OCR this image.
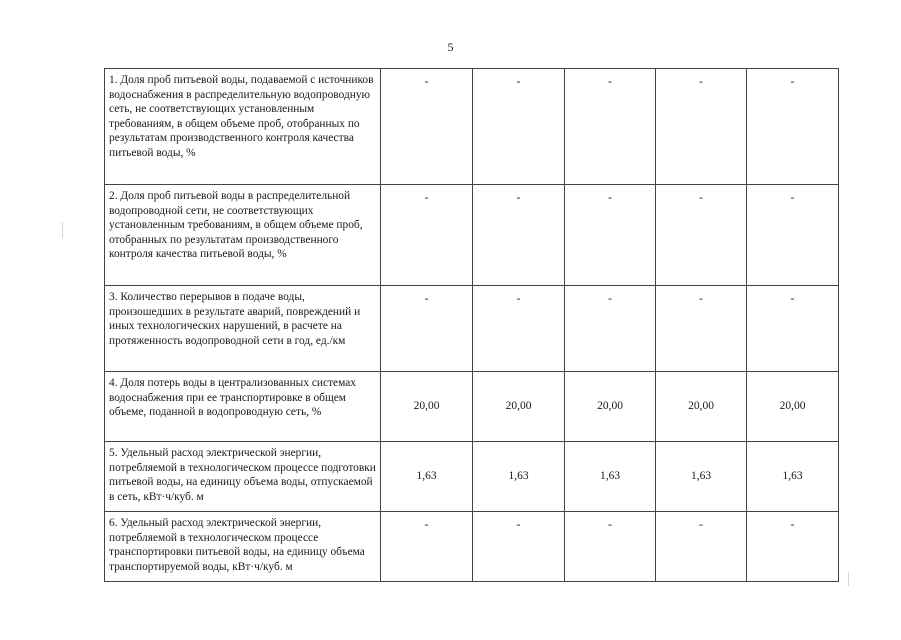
5
1. Доля проб питьевой воды, подаваемой с источников водоснабжения в распределительную водопроводную сеть, не соответствующих установленным требованиям, в общем объеме проб, отобранных по результатам производственного контроля качества питьевой воды, %	-	-	-	-	-
2. Доля проб питьевой воды в распределительной водопроводной сети, не соответствующих установленным требованиям, в общем объеме проб, отобранных по результатам производственного контроля качества питьевой воды, %	-	-	-	-	-
3. Количество перерывов в подаче воды, произошедших в результате аварий, повреждений и иных технологических нарушений, в расчете на протяженность водопроводной сети в год, ед./км	-	-	-	-	-
4. Доля потерь воды в централизованных системах водоснабжения при ее транспортировке в общем объеме, поданной в водопроводную сеть, %	20,00	20,00	20,00	20,00	20,00
5. Удельный расход электрической энергии, потребляемой в технологическом процессе подготовки питьевой воды, на единицу объема воды, отпускаемой в сеть, кВт·ч/куб. м	1,63	1,63	1,63	1,63	1,63
6. Удельный расход электрической энергии, потребляемой в технологическом процессе транспортировки питьевой воды, на единицу объема транспортируемой воды, кВт·ч/куб. м	-	-	-	-	-
